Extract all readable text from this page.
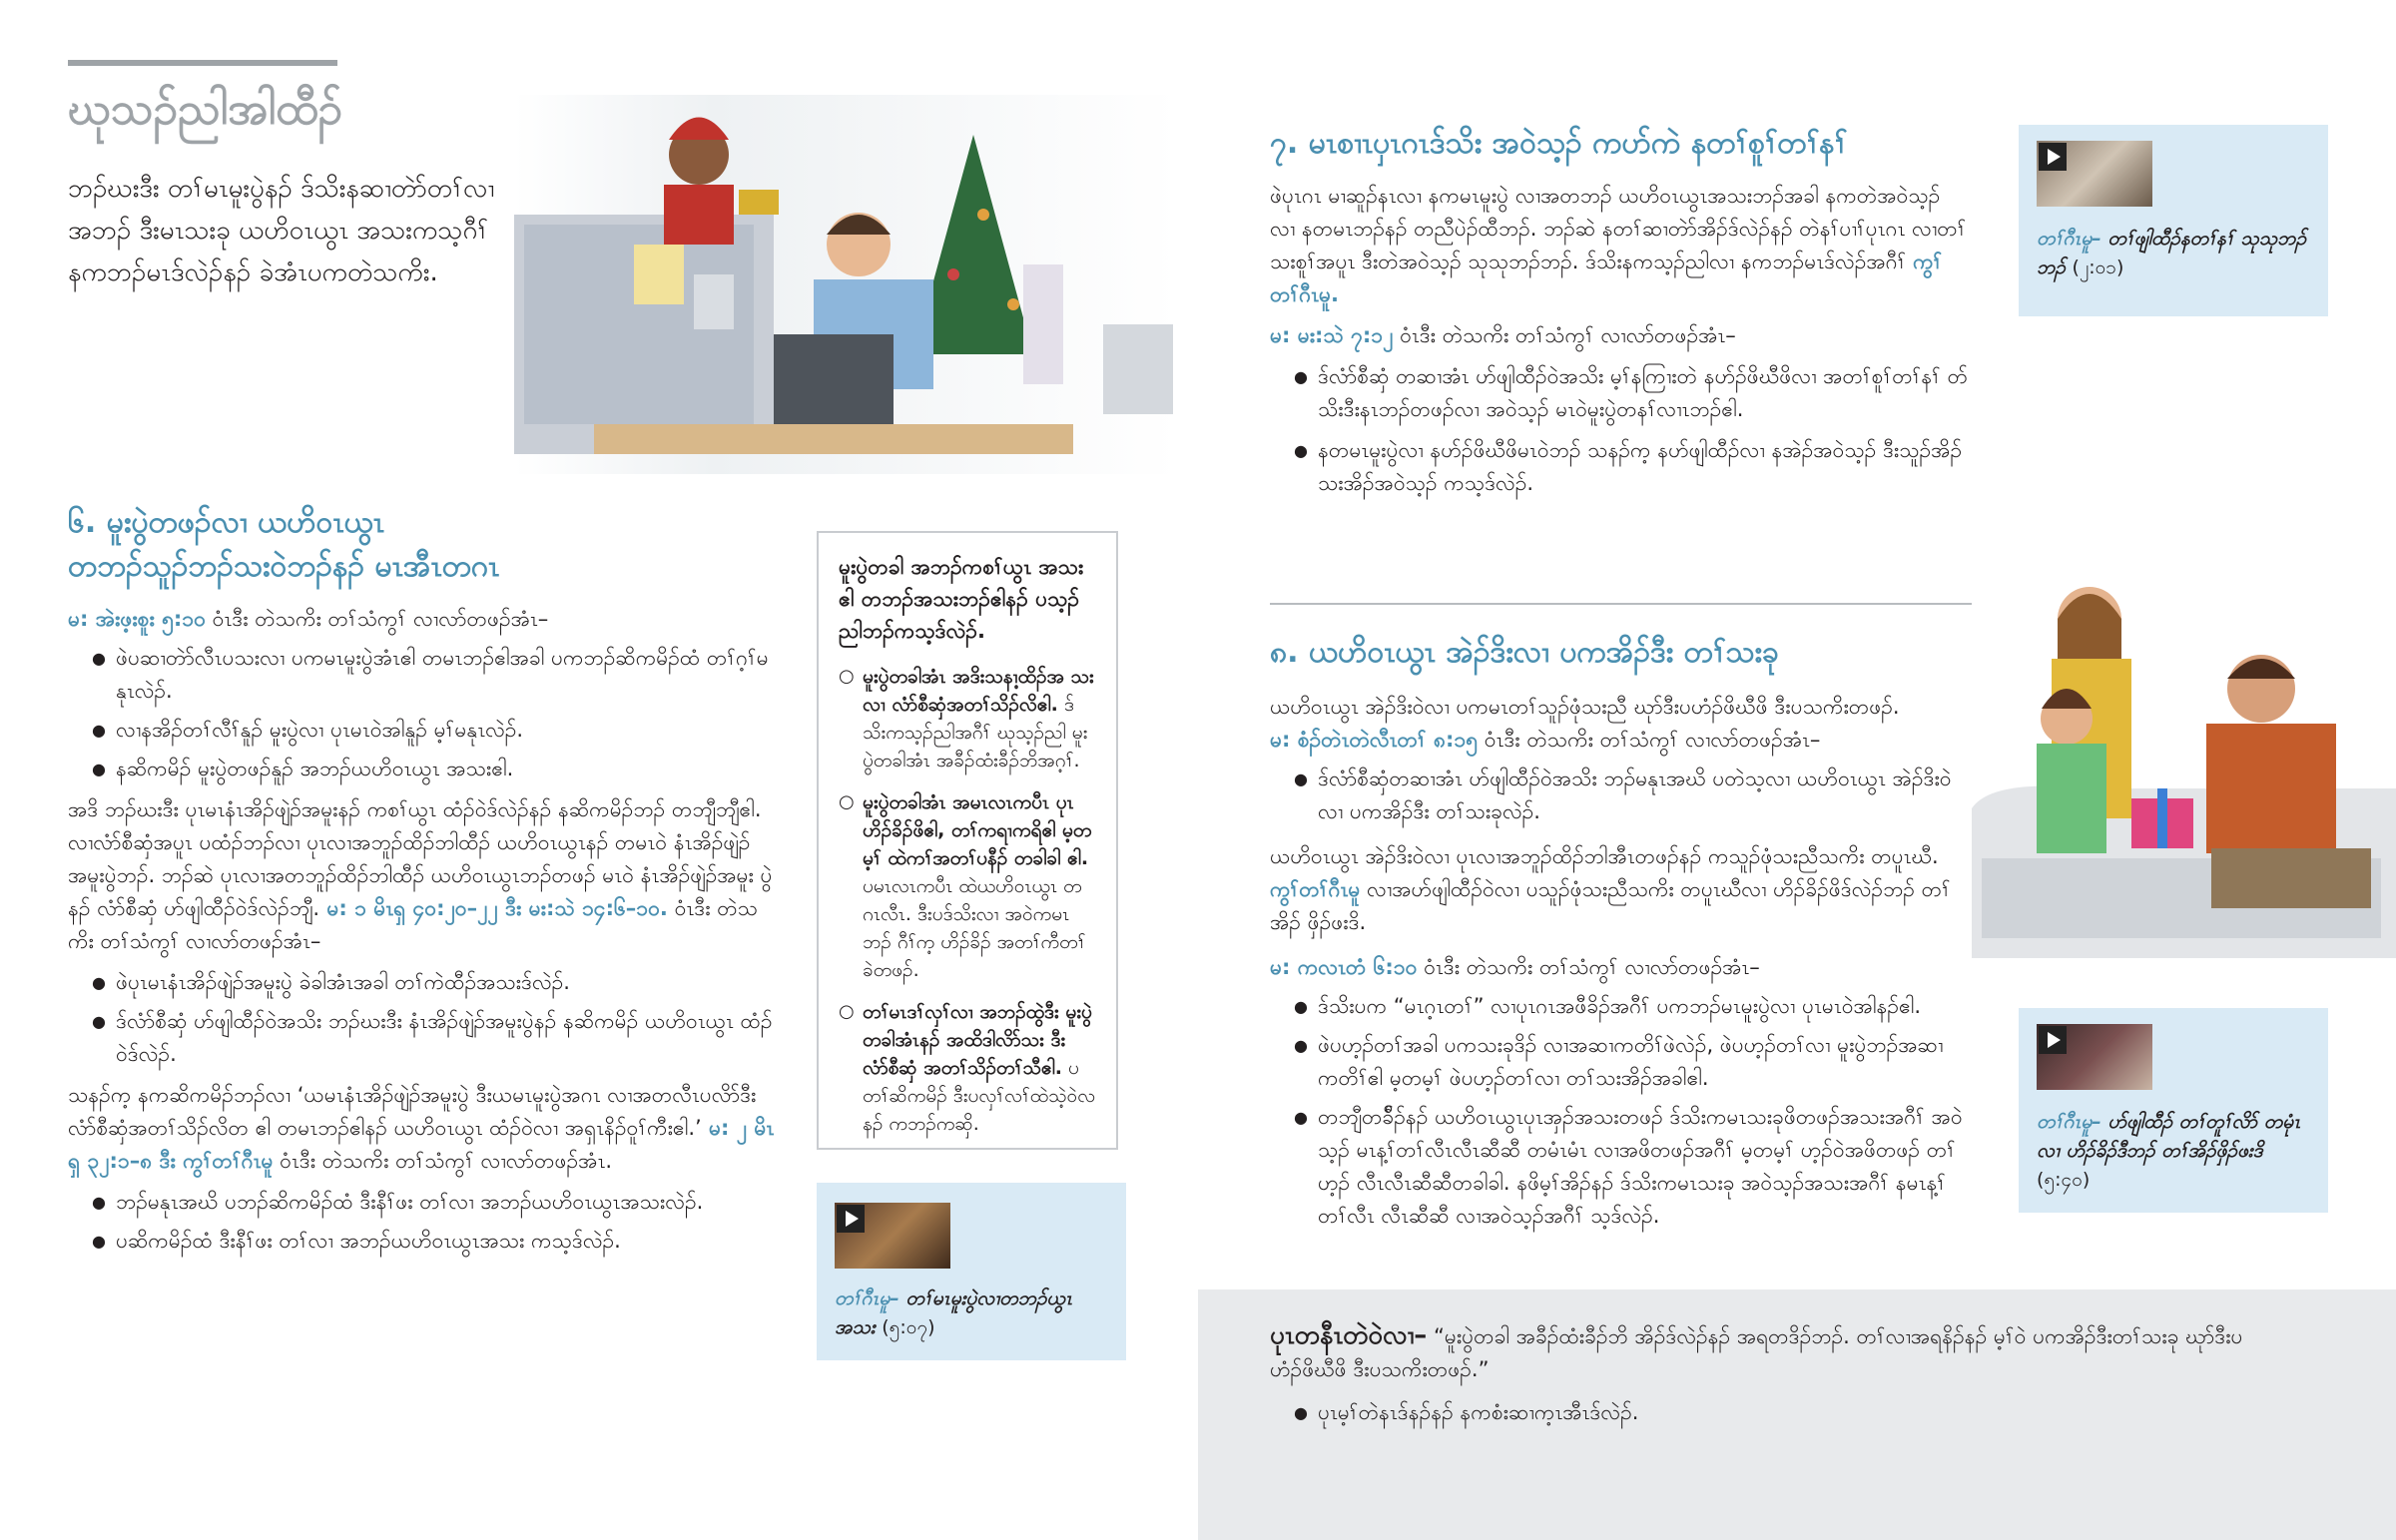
ဃုသၣ်ညါအါထီၣ်
ဘၣ်ဃးဒီး တၢ်မၤမူးပွဲနၣ် ဒ်သိးနဆၢတဲာ်တၢ်လၢ အဘၣ် ဒီးမၤသးခု ယဟိဝၤယွၤ အသးကသ့ဂီၢ် နကဘၣ်မၤဒ်လဲၣ်နၣ် ခဲအံၤပကတဲသကိး.
၆. မူးပွဲတဖၣ်လၢ ယဟိဝၤယွၤ
တဘၣ်သူၣ်ဘၣ်သးဝဲဘၣ်နၣ် မၤအီၤတဂၤ
မ: အဲးဖ့းစူး ၅:၁၀ ဝံၤဒီး တဲသကိး တၢ်သံကွၢ် လၢလာ်တဖၣ်အံၤ–
● ဖဲပဆၢတဲာ်လီၤပသးလၢ ပကမၤမူးပွဲအံၤဧါ တမၤဘၣ်ဧါအခါ ပကဘၣ်ဆိကမိၣ်ထံ တၢ်ဂ့ၢ်မနုၤလဲၣ်.
● လၢနအိၣ်တၢ်လီၢ်နူၣ် မူးပွဲလၢ ပုၤမၤဝဲအါနူၣ် မ့ၢ်မနုၤလဲၣ်.
● နဆိကမိၣ် မူးပွဲတဖၣ်နူၣ် အဘၣ်ယဟိဝၤယွၤ အသးဧါ.
အဒိ ဘၣ်ဃးဒီး ပုၤမၤနံၤအိၣ်ဖျဲၣ်အမူးနၣ် ကစၢ်ယွၤ ထံၣ်ဝဲဒ်လဲၣ်နၣ် နဆိကမိၣ်ဘၣ် တဘျီဘျီဧါ. လၢလံာ်စီဆှံအပူၤ ပထံၣ်ဘၣ်လၢ ပုၤလၢအဘူၣ်ထိၣ်ဘါထီၣ် ယဟိဝၤယွၤနၣ် တမၤဝဲ နံၤအိၣ်ဖျဲၣ် အမူးပွဲဘၣ်. ဘၣ်ဆဲ ပုၤလၢအတဘူၣ်ထိၣ်ဘါထီၣ် ယဟိဝၤယွၤဘၣ်တဖၣ် မၤဝဲ နံၤအိၣ်ဖျဲၣ်အမူး ပွဲနၣ် လံာ်စီဆှံ ဟ်ဖျါထီၣ်ဝဲဒ်လဲၣ်ဘျီ. မ: ၁ မိၤရှ ၄၀:၂၀–၂၂ ဒီး မး:သဲ ၁၄:၆–၁၀. ဝံၤဒီး တဲသကိး တၢ်သံကွၢ် လၢလာ်တဖၣ်အံၤ–
● ဖဲပုၤမၤနံၤအိၣ်ဖျဲၣ်အမူးပွဲ ခဲခါအံၤအခါ တၢ်ကဲထီၣ်အသးဒ်လဲၣ်.
● ဒ်လံာ်စီဆှံ ဟ်ဖျါထီၣ်ဝဲအသိး ဘၣ်ဃးဒီး နံၤအိၣ်ဖျဲၣ်အမူးပွဲနၣ် နဆိကမိၣ် ယဟိဝၤယွၤ ထံၣ်ဝဲဒ်လဲၣ်.
သနၣ်က့ နကဆိကမိၣ်ဘၣ်လၢ ‘ယမၤနံၤအိၣ်ဖျဲၣ်အမူးပွဲ ဒီးယမၤမူးပွဲအဂၤ လၢအတလီၤပလိာ်ဒီး လံာ်စီဆှံအတၢ်သိၣ်လိတ ဧါ တမၤဘၣ်ဧါနၣ် ယဟိဝၤယွၤ ထံၣ်ဝဲလၢ အရှၤနိၣ်ဝူၢ်ကီးဧါ.’ မ: ၂ မိၤရှ ၃၂:၁–၈ ဒီး ကွၢ်တၢ်ဂီၤမူ ဝံၤဒီး တဲသကိး တၢ်သံကွၢ် လၢလာ်တဖၣ်အံၤ.
● ဘၣ်မနုၤအဃိ ပဘၣ်ဆိကမိၣ်ထံ ဒီးနီၢ်ဖး တၢ်လၢ အဘၣ်ယဟိဝၤယွၤအသးလဲၣ်.
● ပဆိကမိၣ်ထံ ဒီးနီၢ်ဖး တၢ်လၢ အဘၣ်ယဟိဝၤယွၤအသး ကသ့ဒ်လဲၣ်.
မူးပွဲတခါ အဘၣ်ကစၢ်ယွၤ အသးဧါ တဘၣ်အသးဘၣ်ဧါနၣ် ပသ့ၣ်ညါဘၣ်ကသ့ဒ်လဲၣ်.
○ မူးပွဲတခါအံၤ အဒိးသနၢ့ထိၣ်အ သးလၢ လံာ်စီဆှံအတၢ်သိၣ်လိဧါ. ဒ်သိးကသ့ၣ်ညါအဂီၢ် ဃုသ့ၣ်ညါ မူးပွဲတခါအံၤ အခီၣ်ထံးခီၣ်ဘိအဂ့ၢ်.
○ မူးပွဲတခါအံၤ အမၤလၤကပီၤ ပုၤ ဟိၣ်ခိၣ်ဖိဧါ, တၢ်ကရၢကရိဧါ မ့တမ့ၢ် ထဲကၢ်အတၢ်ပနီၣ် တခါခါ ဧါ. ပမၤလၤကပီၤ ထဲယဟိဝၤယွၤ တဂၤလီၤ. ဒီးပဒ်သိးလၢ အဝဲကမၤဘၣ် ဂီၢ်က့ ဟိၣ်ခိၣ် အတၢ်ကီတၢ်ခဲတဖၣ်.
○ တၢ်မၤဒၢ်လှၢ်လၢ အဘၣ်ထွဲဒီး မူးပွဲတခါအံၤနၣ် အထိဒါလိာ်သး ဒီး လံာ်စီဆှံ အတၢ်သိၣ်တၢ်သီဧါ. ပတၢ်ဆိကမိၣ် ဒီးပလှၢ်လၢ်ထဲသဲ့ဝဲလ နၣ် ကဘၣ်ကဆှိ.
တၢ်ဂီၤမူ– တၢ်မၤမူးပွဲလၢတဘၣ်ယွၤ အသး (၅:၀၇)
၇. မၤစၢၤပှၤဂၤဒ်သိး အဝဲသ့ၣ် ကပာ်ကဲ နတၢ်စူၢ်တၢ်နၢ်
ဖဲပုၤဂၤ မၢဆူၣ်နၤလၢ နကမၤမူးပွဲ လၢအတဘၣ် ယဟိဝၤယွၤအသးဘၣ်အခါ နကတဲအဝဲသ့ၣ် လၢ နတမၤဘၣ်နၣ် တညီပဲၣ်ထီဘၣ်. ဘၣ်ဆဲ နတၢ်ဆၢတဲာ်အိၣ်ဒ်လဲၣ်နၣ် တဲနၢ်ပၢၢ်ပုၤဂၤ လၢတၢ်သးစူၢ်အပူၤ ဒီးတဲအဝဲသ့ၣ် သုသုဘၣ်ဘၣ်. ဒ်သိးနကသ့ၣ်ညါလၢ နကဘၣ်မၤဒ်လဲၣ်အဂီၢ် ကွၢ်တၢ်ဂီၤမူ.
မ: မး:သဲ ၇:၁၂ ဝံၤဒီး တဲသကိး တၢ်သံကွၢ် လၢလာ်တဖၣ်အံၤ–
● ဒ်လံာ်စီဆှံ တဆၢအံၤ ဟ်ဖျါထီၣ်ဝဲအသိး မ့ၢ်နကြၢးတဲ နဟ်ၣ်ဖိဃီဖိလၢ အတၢ်စူၢ်တၢ်နၢ် တ်သိးဒီးနၤဘၣ်တဖၣ်လၢ အဝဲသ့ၣ် မၤဝဲမူးပွဲတနၢ်လၢၤဘၣ်ဧါ.
● နတမၤမူးပွဲလၢ နဟ်ၣ်ဖိဃီဖိမၤဝဲဘၣ် သနၣ်က့ နဟ်ဖျါထီၣ်လၢ နအဲၣ်အဝဲသ့ၣ် ဒီးသူၣ်အိၣ် သးအိၣ်အဝဲသ့ၣ် ကသ့ဒ်လဲၣ်.
တၢ်ဂီၤမူ– တၢ်ဖျါထီၣ်နတၢ်နၢ် သုသုဘၣ်ဘၣ် (၂:၀၁)
၈. ယဟိဝၤယွၤ အဲၣ်ဒိးလၢ ပကအိၣ်ဒီး တၢ်သးခု
ယဟိဝၤယွၤ အဲၣ်ဒိးဝဲလၢ ပကမၤတၢ်သူၣ်ဖုံသးညီ ဃုာ်ဒီးပဟံၣ်ဖိဃီဖိ ဒီးပသကိးတဖၣ်.
မ: စံၣ်တဲၤတဲလီၤတၢ် ၈:၁၅ ဝံၤဒီး တဲသကိး တၢ်သံကွၢ် လၢလာ်တဖၣ်အံၤ–
● ဒ်လံာ်စီဆှံတဆၢအံၤ ဟ်ဖျါထီၣ်ဝဲအသိး ဘၣ်မနုၤအဃိ ပတဲသ့လၢ ယဟိဝၤယွၤ အဲၣ်ဒိးဝဲ လၢ ပကအိၣ်ဒီး တၢ်သးခုလဲၣ်.
ယဟိဝၤယွၤ အဲၣ်ဒိးဝဲလၢ ပုၤလၢအဘူၣ်ထိၣ်ဘါအီၤတဖၣ်နၣ် ကသူၣ်ဖုံသးညီသကိး တပူၤဃီ. ကွၢ်တၢ်ဂီၤမူ လၢအဟ်ဖျါထီၣ်ဝဲလၢ ပသူၣ်ဖုံသးညီသကိး တပူၤဃီလၢ ဟိၣ်ခိၣ်ဖိဒ်လဲၣ်ဘၣ် တၢ်အိၣ် ဖှိၣ်ဖးဒိ.
မ: ကလၤတံ ၆:၁၀ ဝံၤဒီး တဲသကိး တၢ်သံကွၢ် လၢလာ်တဖၣ်အံၤ–
● ဒ်သိးပက “မၤဂ့ၤတၢ်” လၢပုၤဂၤအဖီခိၣ်အဂီၢ် ပကဘၣ်မၤမူးပွဲလၢ ပုၤမၤဝဲအါနၣ်ဧါ.
● ဖဲပဟ့ၣ်တၢ်အခါ ပကသးခုဒိၣ် လၢအဆၢကတိၢ်ဖဲလဲၣ်, ဖဲပဟ့ၣ်တၢ်လၢ မူးပွဲဘၣ်အဆၢ ကတိၢ်ဧါ မ့တမ့ၢ် ဖဲပဟ့ၣ်တၢ်လၢ တၢ်သးအိၣ်အခါဧါ.
● တဘျီတခ်ီၣ်နၣ် ယဟိဝၤယွၤပုၤအှၣ်အသးတဖၣ် ဒ်သိးကမၤသးခုဖိတဖၣ်အသးအဂီၢ် အဝဲသ့ၣ် မၤန့ၢ်တၢ်လီၤလီၤဆီဆီ တမံၤမံၤ လၢအဖိတဖၣ်အဂီၢ် မ့တမ့ၢ် ဟ့ၣ်ဝဲအဖိတဖၣ် တၢ်ဟ့ၣ် လီၤလီၤဆီဆီတခါခါ. နဖိမ့ၢ်အိၣ်နၣ် ဒ်သိးကမၤသးခု အဝဲသ့ၣ်အသးအဂီၢ် နမၤန့ၢ်တၢ်လီၤ လီၤဆီဆီ လၢအဝဲသ့ၣ်အဂီၢ် သ့ဒ်လဲၣ်.
တၢ်ဂီၤမူ– ပာ်ဖျါထီၣ် တၢ်တူၢ်လိာ် တမုံၤလၢ ဟိၣ်ခိၣ်ဒီဘၣ် တၢ်အိၣ်ဖှိၣ်ဖးဒိ (၅:၄၀)
ပုၤတနီၤတဲဝဲလၢ– “မူးပွဲတခါ အခီၣ်ထံးခီၣ်ဘိ အိၣ်ဒ်လဲၣ်နၣ် အရတဒိၣ်ဘၣ်. တၢ်လၢအရနိၣ်နၣ် မ့ၢ်ဝဲ ပကအိၣ်ဒီးတၢ်သးခု ဃုာ်ဒီးပဟံၣ်ဖိဃီဖိ ဒီးပသကိးတဖၣ်.”
● ပုၤမ့ၢ်တဲနၤဒ်နၣ်နၣ် နကစံးဆၢက့ၤအီၤဒ်လဲၣ်.
